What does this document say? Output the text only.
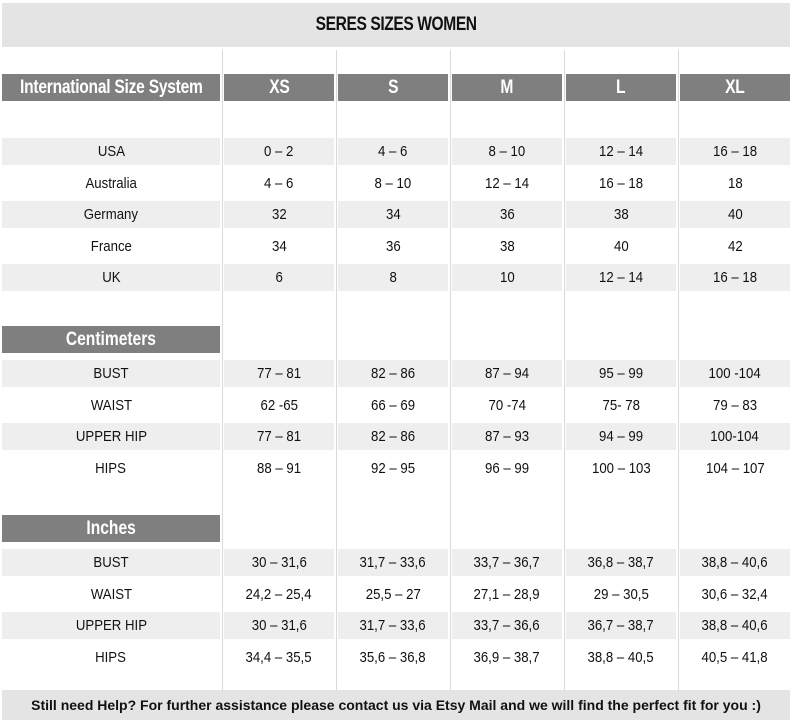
SERES SIZES WOMEN
International Size System	XS	S	M	L	XL
USA	0 – 2	4 – 6	8 – 10	12 – 14	16 – 18
Australia	4 – 6	8 – 10	12 – 14	16 – 18	18
Germany	32	34	36	38	40
France	34	36	38	40	42
UK	6	8	10	12 – 14	16 – 18
Centimeters
BUST	77 – 81	82 – 86	87 – 94	95 – 99	100 -104
WAIST	62 -65	66 – 69	70 -74	75- 78	79 – 83
UPPER HIP	77 – 81	82 – 86	87 – 93	94 – 99	100-104
HIPS	88 – 91	92 – 95	96 – 99	100 – 103	104 – 107
Inches
BUST	30 – 31,6	31,7 – 33,6	33,7 – 36,7	36,8 – 38,7	38,8 – 40,6
WAIST	24,2 – 25,4	25,5 – 27	27,1 – 28,9	29 – 30,5	30,6 – 32,4
UPPER HIP	30 – 31,6	31,7 – 33,6	33,7 – 36,6	36,7 – 38,7	38,8 – 40,6
HIPS	34,4 – 35,5	35,6 – 36,8	36,9 – 38,7	38,8 – 40,5	40,5 – 41,8
Still need Help? For further assistance please contact us via Etsy Mail and we will find the perfect fit for you :)
